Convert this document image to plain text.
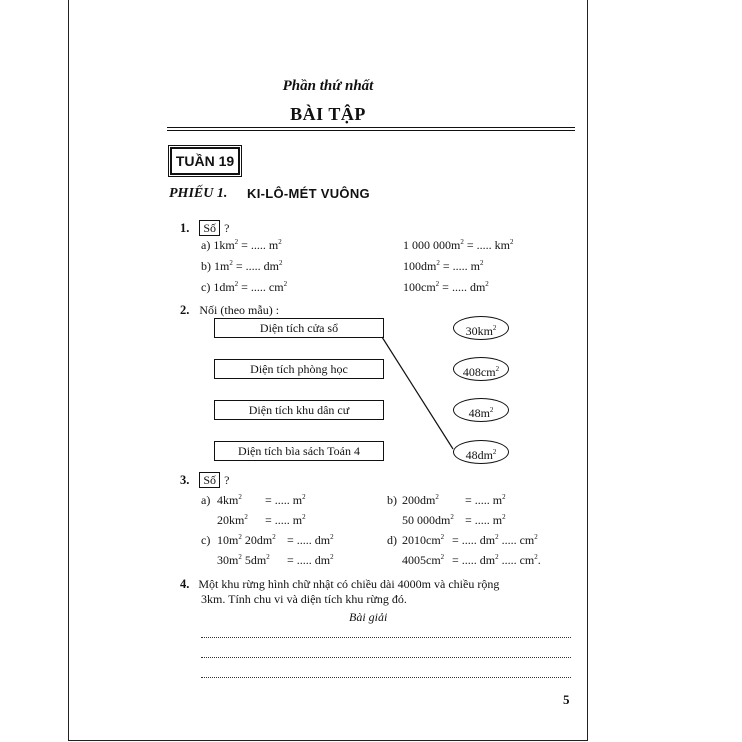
Phần thứ nhất
BÀI TẬP
TUẦN 19
PHIẾU 1. KI-LÔ-MÉT VUÔNG
1. Số ?
a) $1km^2$ = ..... $m^2$
b) $1m^2$ = ..... $dm^2$
c) $1dm^2$ = ..... $cm^2$
1 000 $000m^2$ = ..... $km^2$
$100dm^2$ = ..... $m^2$
$100cm^2$ = ..... $dm^2$
2. Nối (theo mẫu) :
Diện tích cửa sổ
Diện tích phòng học
Diện tích khu dân cư
Diện tích bìa sách Toán 4
$30km^2$
$408cm^2$
$48m^2$
$48dm^2$
3. Số ?
a) $4km^2$ = ..... $m^2$
$20km^2$ = ..... $m^2$
b) $200dm^2$ = ..... $m^2$
50 $000dm^2$ = ..... $m^2$
c) $10m^2$ $20dm^2$ = ..... $dm^2$
$30m^2$ $5dm^2$ = ..... $dm^2$
d) $2010cm^2$ = ..... $dm^2$ ..... $cm^2$
$4005cm^2$ = ..... $dm^2$ ..... $cm^2$.
4. Một khu rừng hình chữ nhật có chiều dài 4000m và chiều rộng
3km. Tính chu vi và diện tích khu rừng đó.
Bài giải
5
